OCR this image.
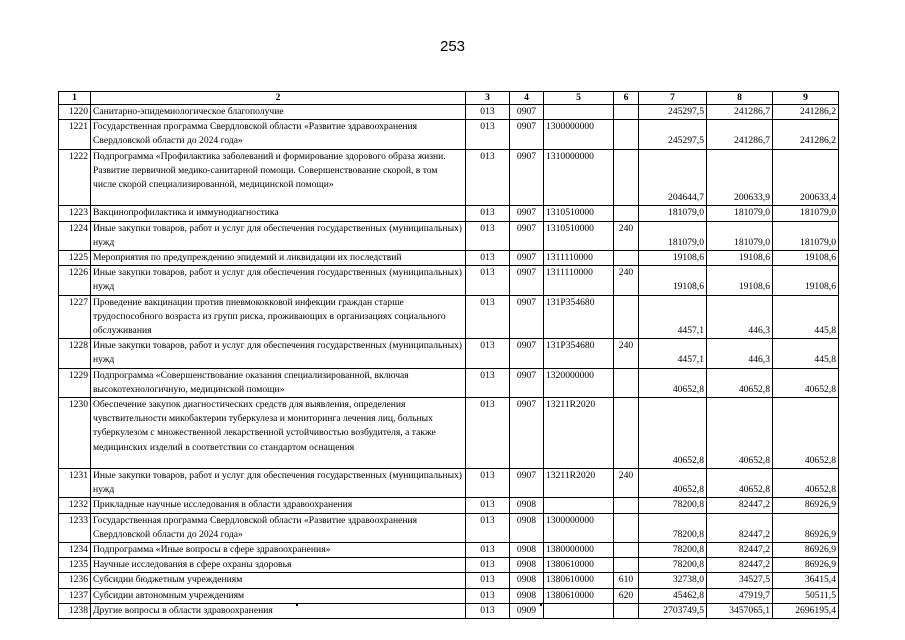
253
1	2	3	4	5	6	7	8	9
1220	Санитарно-эпидемиологическое благополучие	013	0907			245297,5	241286,7	241286,2
1221	Государственная программа Свердловской области «Развитие здравоохранения Свердловской области до 2024 года»	013	0907	1300000000		245297,5	241286,7	241286,2
1222	Подпрограмма «Профилактика заболеваний и формирование здорового образа жизни. Развитие первичной медико-санитарной помощи. Совершенствование скорой, в том числе скорой специализированной, медицинской помощи»	013	0907	1310000000		204644,7	200633,9	200633,4
1223	Вакцинопрофилактика и иммунодиагностика	013	0907	1310510000		181079,0	181079,0	181079,0
1224	Иные закупки товаров, работ и услуг для обеспечения государственных (муниципальных) нужд	013	0907	1310510000	240	181079,0	181079,0	181079,0
1225	Мероприятия по предупреждению эпидемий и ликвидации их последствий	013	0907	1311110000		19108,6	19108,6	19108,6
1226	Иные закупки товаров, работ и услуг для обеспечения государственных (муниципальных) нужд	013	0907	1311110000	240	19108,6	19108,6	19108,6
1227	Проведение вакцинации против пневмококковой инфекции граждан старше трудоспособного возраста из групп риска, проживающих в организациях социального обслуживания	013	0907	131P354680		4457,1	446,3	445,8
1228	Иные закупки товаров, работ и услуг для обеспечения государственных (муниципальных) нужд	013	0907	131P354680	240	4457,1	446,3	445,8
1229	Подпрограмма «Совершенствование оказания специализированной, включая высокотехнологичную, медицинской помощи»	013	0907	1320000000		40652,8	40652,8	40652,8
1230	Обеспечение закупок диагностических средств для выявления, определения чувствительности микобактерии туберкулеза и мониторинга лечения лиц, больных туберкулезом с множественной лекарственной устойчивостью возбудителя, а также медицинских изделий в соответствии со стандартом оснащения	013	0907	13211R2020		40652,8	40652,8	40652,8
1231	Иные закупки товаров, работ и услуг для обеспечения государственных (муниципальных) нужд	013	0907	13211R2020	240	40652,8	40652,8	40652,8
1232	Прикладные научные исследования в области здравоохранения	013	0908			78200,8	82447,2	86926,9
1233	Государственная программа Свердловской области «Развитие здравоохранения Свердловской области до 2024 года»	013	0908	1300000000		78200,8	82447,2	86926,9
1234	Подпрограмма «Иные вопросы в сфере здравоохранения»	013	0908	1380000000		78200,8	82447,2	86926,9
1235	Научные исследования в сфере охраны здоровья	013	0908	1380610000		78200,8	82447,2	86926,9
1236	Субсидии бюджетным учреждениям	013	0908	1380610000	610	32738,0	34527,5	36415,4
1237	Субсидии автономным учреждениям	013	0908	1380610000	620	45462,8	47919,7	50511,5
1238	Другие вопросы в области здравоохранения	013	0909			2703749,5	3457065,1	2696195,4
